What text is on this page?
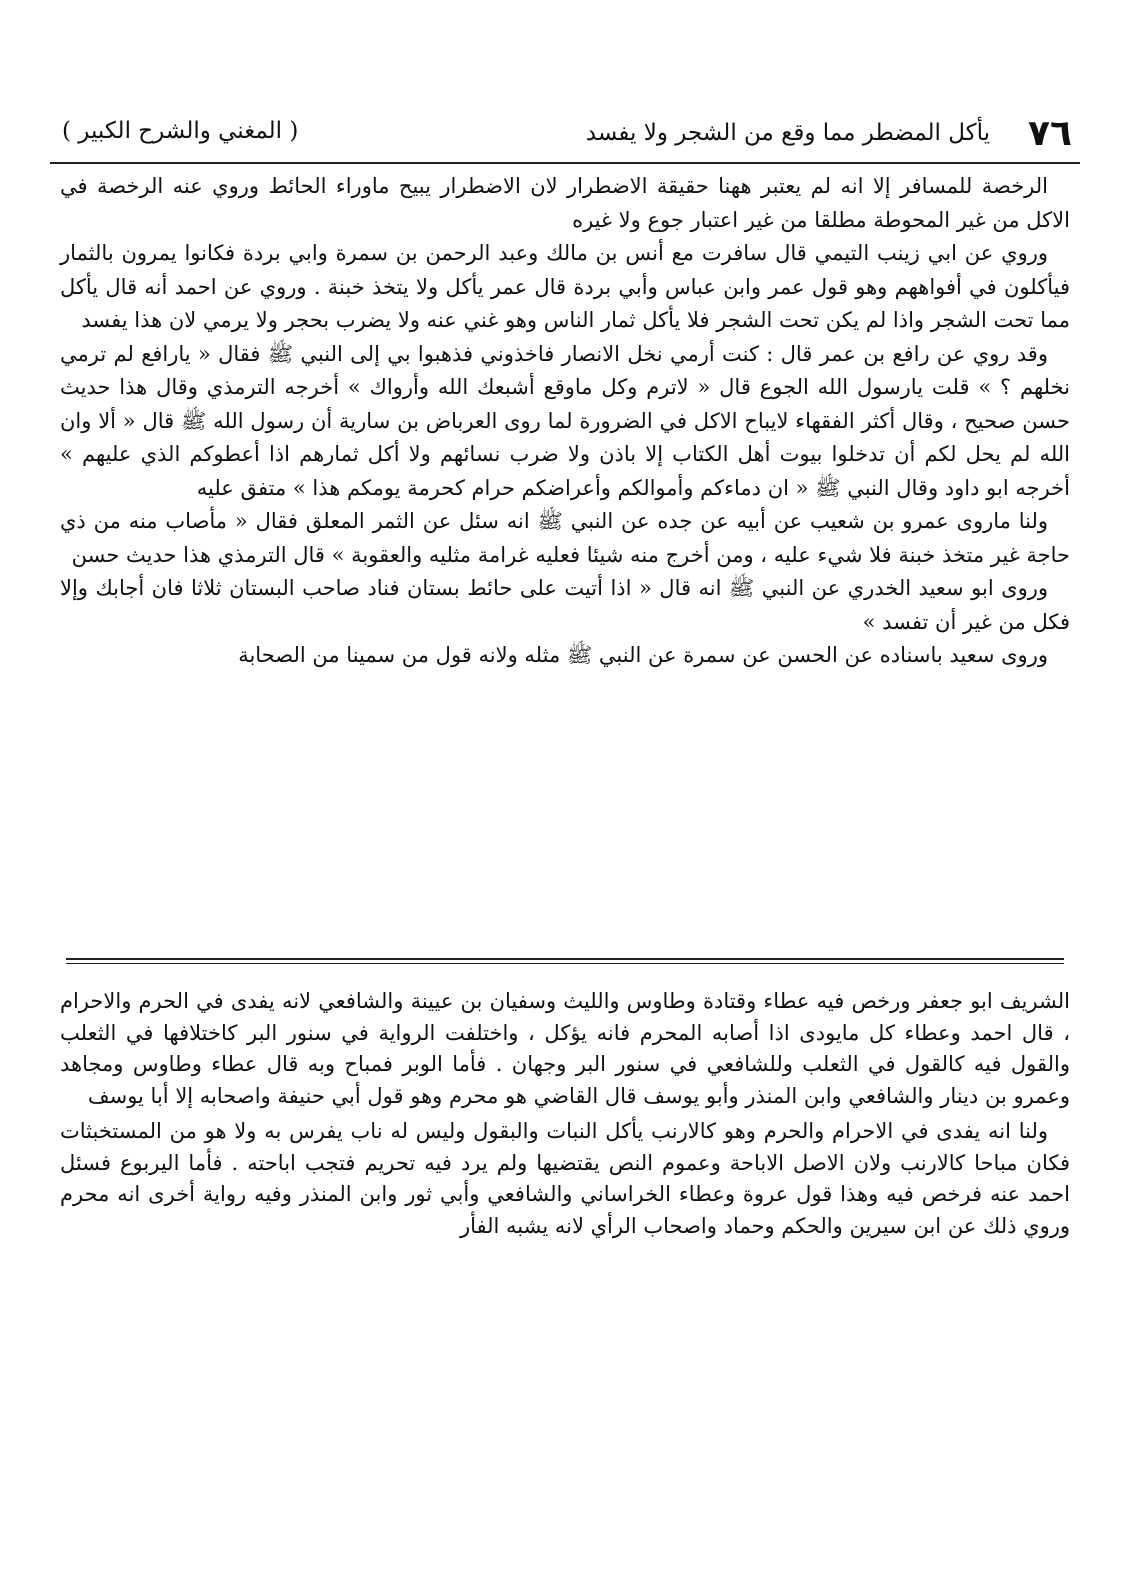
٧٦
يأكل المضطر مما وقع من الشجر ولا يفسد
( المغني والشرح الكبير )

الرخصة للمسافر إلا انه لم يعتبر ههنا حقيقة الاضطرار لان الاضطرار يبيح ماوراء الحائط وروي عنه الرخصة في الاكل من غير المحوطة مطلقا من غير اعتبار جوع ولا غيره

وروي عن ابي زينب التيمي قال سافرت مع أنس بن مالك وعبد الرحمن بن سمرة وابي بردة فكانوا يمرون بالثمار فيأكلون في أفواههم وهو قول عمر وابن عباس وأبي بردة قال عمر يأكل ولا يتخذ خبنة . وروي عن احمد أنه قال يأكل مما تحت الشجر واذا لم يكن تحت الشجر فلا يأكل ثمار الناس وهو غني عنه ولا يضرب بحجر ولا يرمي لان هذا يفسد

وقد روي عن رافع بن عمر قال : كنت أرمي نخل الانصار فاخذوني فذهبوا بي إلى النبي ﷺ فقال « يارافع لم ترمي نخلهم ؟ » قلت يارسول الله الجوع قال « لاترم وكل ماوقع أشبعك الله وأرواك » أخرجه الترمذي وقال هذا حديث حسن صحيح ، وقال أكثر الفقهاء لايباح الاكل في الضرورة لما روى العرباض بن سارية أن رسول الله ﷺ قال « ألا وان الله لم يحل لكم أن تدخلوا بيوت أهل الكتاب إلا باذن ولا ضرب نسائهم ولا أكل ثمارهم اذا أعطوكم الذي عليهم » أخرجه ابو داود وقال النبي ﷺ « ان دماءكم وأموالكم وأعراضكم حرام كحرمة يومكم هذا » متفق عليه

ولنا ماروى عمرو بن شعيب عن أبيه عن جده عن النبي ﷺ انه سئل عن الثمر المعلق فقال « مأصاب منه من ذي حاجة غير متخذ خبنة فلا شيء عليه ، ومن أخرج منه شيئا فعليه غرامة مثليه والعقوبة » قال الترمذي هذا حديث حسن

وروى ابو سعيد الخدري عن النبي ﷺ انه قال « اذا أتيت على حائط بستان فناد صاحب البستان ثلاثا فان أجابك وإلا فكل من غير أن تفسد »

وروى سعيد باسناده عن الحسن عن سمرة عن النبي ﷺ مثله ولانه قول من سمينا من الصحابة

الشريف ابو جعفر ورخص فيه عطاء وقتادة وطاوس والليث وسفيان بن عيينة والشافعي لانه يفدى في الحرم والاحرام ، قال احمد وعطاء كل مايودى اذا أصابه المحرم فانه يؤكل ، واختلفت الرواية في سنور البر كاختلافها في الثعلب والقول فيه كالقول في الثعلب وللشافعي في سنور البر وجهان . فأما الوبر فمباح وبه قال عطاء وطاوس ومجاهد وعمرو بن دينار والشافعي وابن المنذر وأبو يوسف قال القاضي هو محرم وهو قول أبي حنيفة واصحابه إلا أبا يوسف

ولنا انه يفدى في الاحرام والحرم وهو كالارنب يأكل النبات والبقول وليس له ناب يفرس به ولا هو من المستخبثات فكان مباحا كالارنب ولان الاصل الاباحة وعموم النص يقتضيها ولم يرد فيه تحريم فتجب اباحته . فأما اليربوع فسئل احمد عنه فرخص فيه وهذا قول عروة وعطاء الخراساني والشافعي وأبي ثور وابن المنذر وفيه رواية أخرى انه محرم وروي ذلك عن ابن سيرين والحكم وحماد واصحاب الرأي لانه يشبه الفأر
